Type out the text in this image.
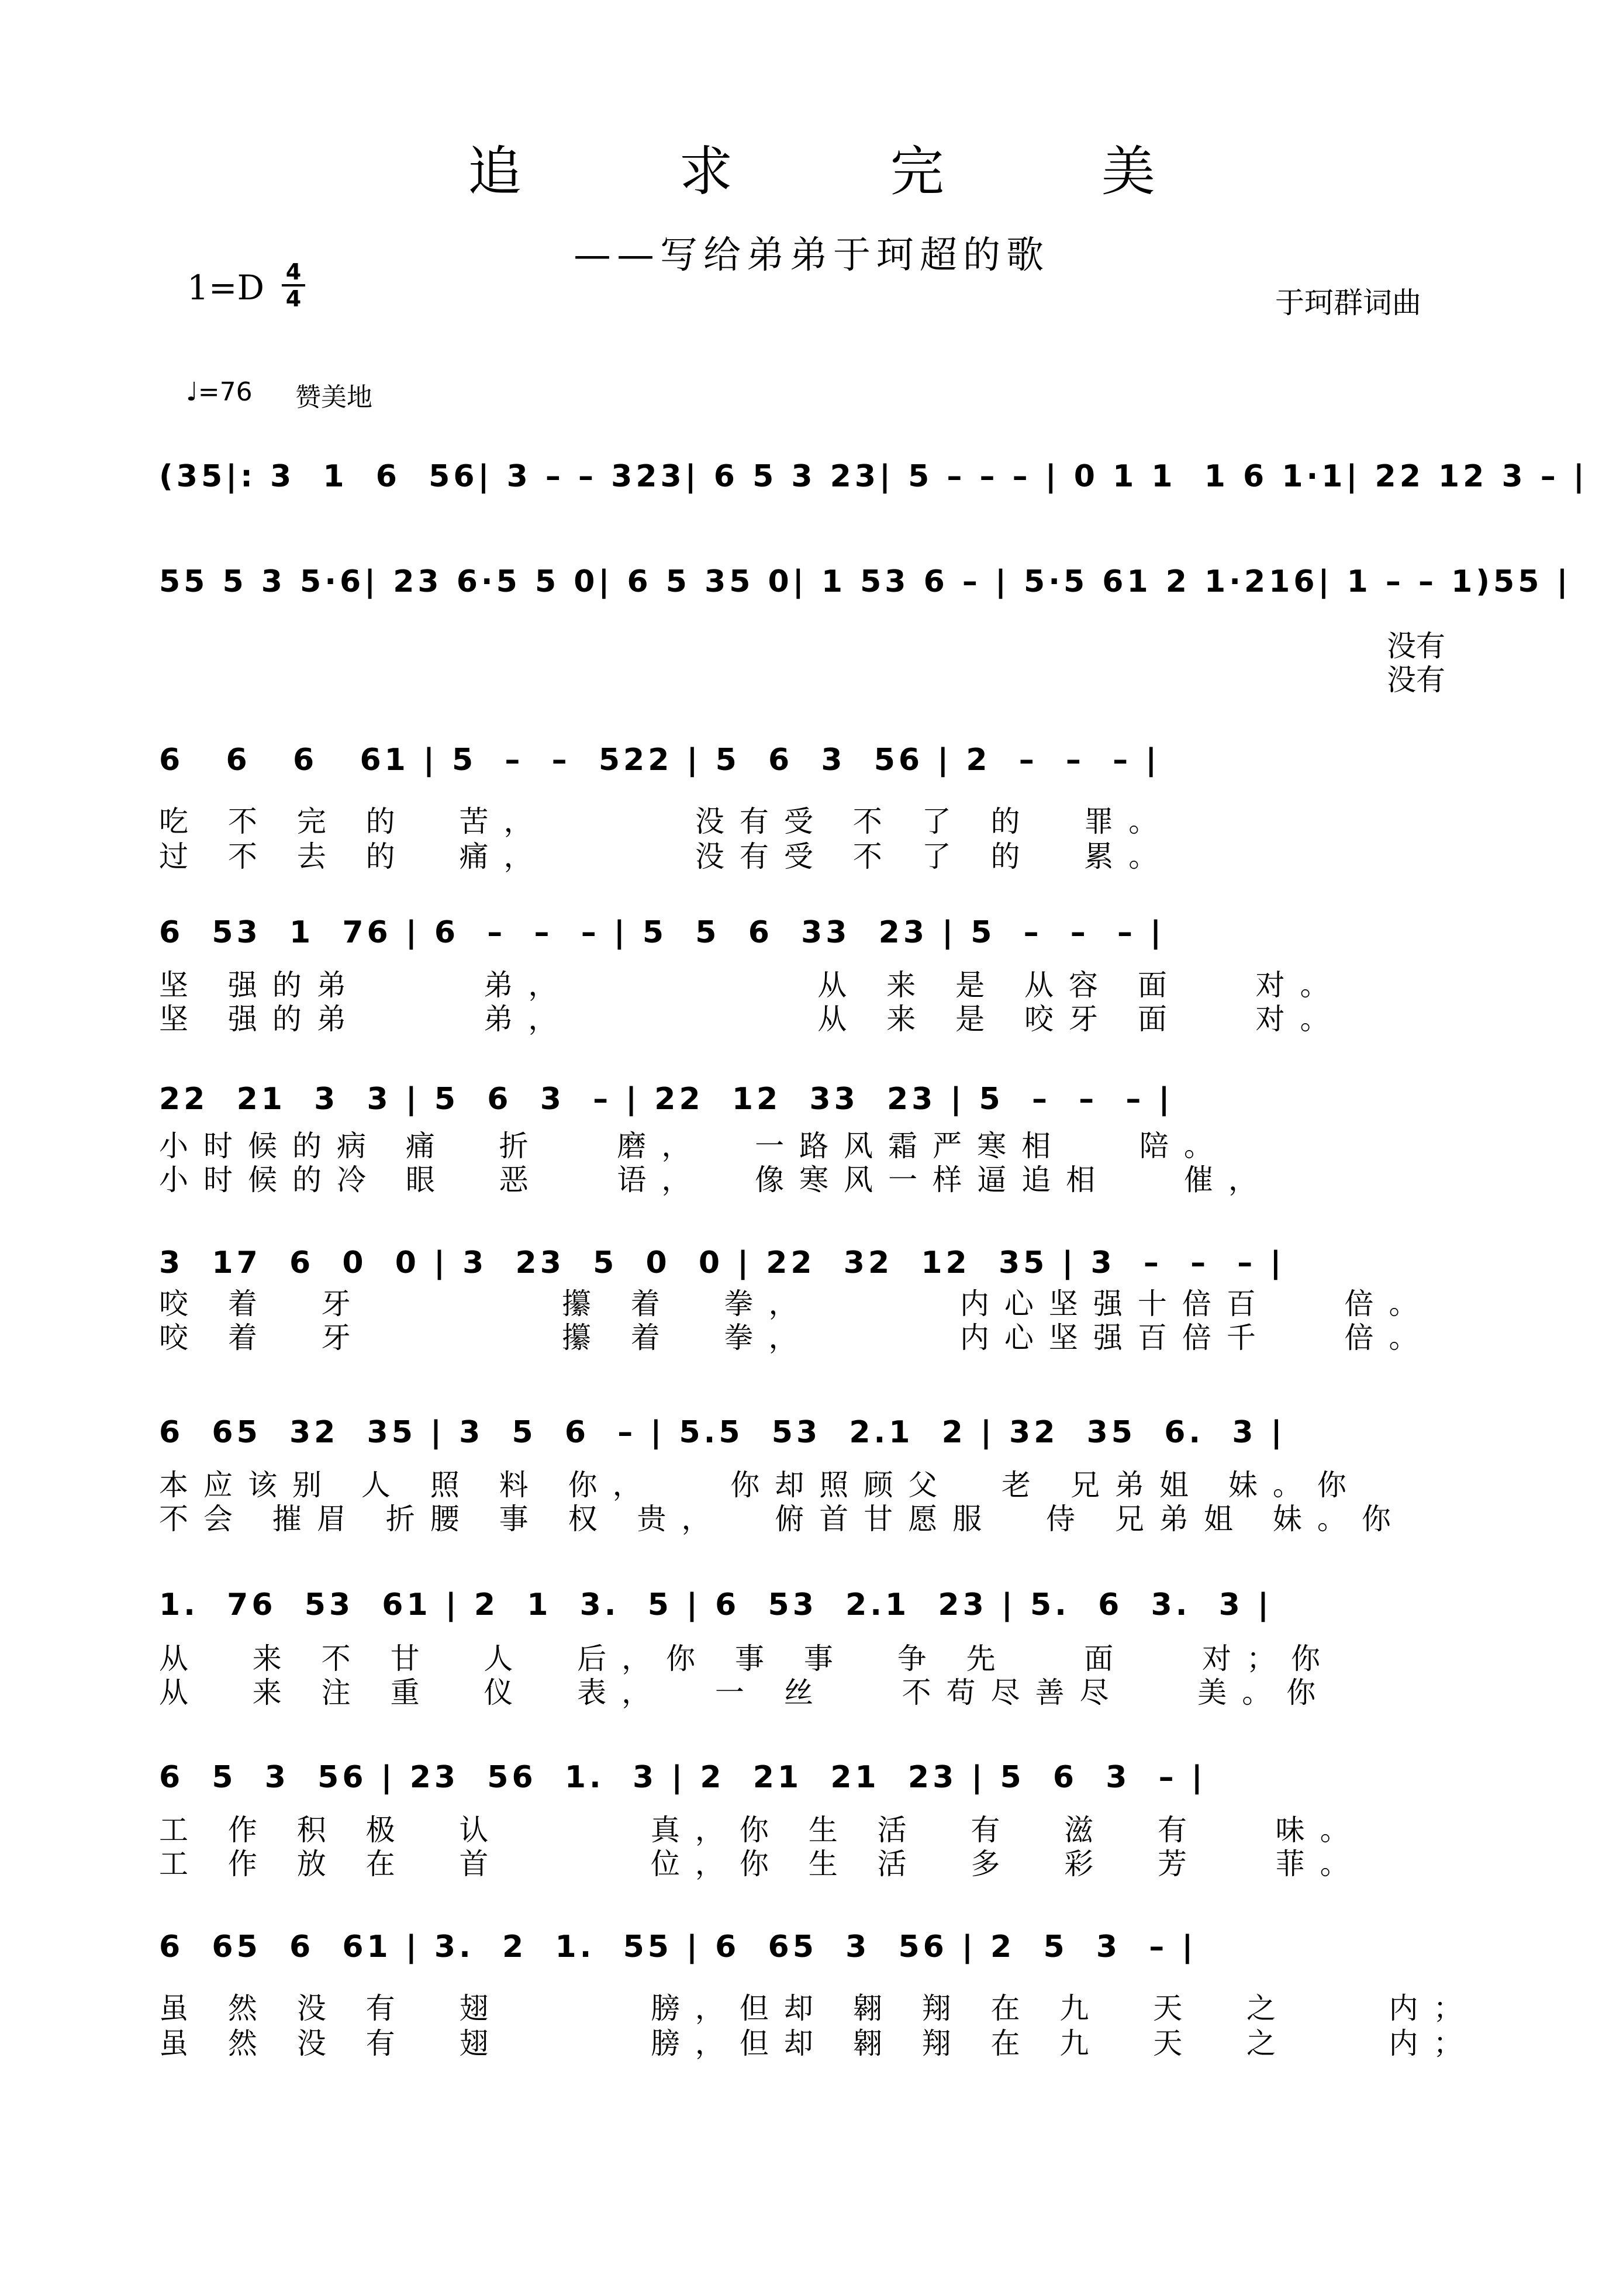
追 求 完 美
——写给弟弟于珂超的歌
1=D 4
4	于珂群词曲
♩=76 赞美地
(35|: 3  1  6  56| 3 – – 323| 6 5 3 23| 5 – – – | 0 1 1  1 6 1·1| 22 12 3 – |
55 5 3 5·6| 23 6·5 5 0| 6 5 35 0| 1 53 6 – | 5·5 61 2 1·216| 1 – – 1)55 |
没有
没有
6   6   6   61 | 5  –  –  522 | 5  6  3  56 | 2  –  –  – |
吃 不 完 的  苦，      没有受 不 了 的  罪。
过 不 去 的  痛，      没有受 不 了 的  累。
6  53  1  76 | 6  –  –  – | 5  5  6  33  23 | 5  –  –  – |
坚 强的弟     弟，          从 来 是 从容 面   对。
坚 强的弟     弟，          从 来 是 咬牙 面   对。
22  21  3  3 | 5  6  3  – | 22  12  33  23 | 5  –  –  – |
小时候的病 痛  折   磨，  一路风霜严寒相   陪。
小时候的冷 眼  恶   语，  像寒风一样逼追相   催，
3  17  6  0  0 | 3  23  5  0  0 | 22  32  12  35 | 3  –  –  – |
咬 着  牙        攥 着  拳，      内心坚强十倍百   倍。
咬 着  牙        攥 着  拳，      内心坚强百倍千   倍。
6  65  32  35 | 3  5  6  – | 5.5  53  2.1  2 | 32  35  6.  3 |
本应该别 人 照 料 你，   你却照顾父  老 兄弟姐 妹。你
不会 摧眉 折腰 事 权 贵，  俯首甘愿服  侍 兄弟姐 妹。你
1.  76  53  61 | 2  1  3.  5 | 6  53  2.1  23 | 5.  6  3.  3 |
从  来 不 甘  人  后，你 事 事  争 先   面   对；你
从  来 注 重  仪  表，  一 丝   不苟尽善尽   美。你
6  5  3  56 | 23  56  1.  3 | 2  21  21  23 | 5  6  3  – |
工 作 积 极  认      真，你 生 活  有  滋  有   味。
工 作 放 在  首      位，你 生 活  多  彩  芳   菲。
6  65  6  61 | 3.  2  1.  55 | 6  65  3  56 | 2  5  3  – |
虽 然 没 有  翅      膀，但却 翱 翔 在 九  天  之    内；
虽 然 没 有  翅      膀，但却 翱 翔 在 九  天  之    内；
